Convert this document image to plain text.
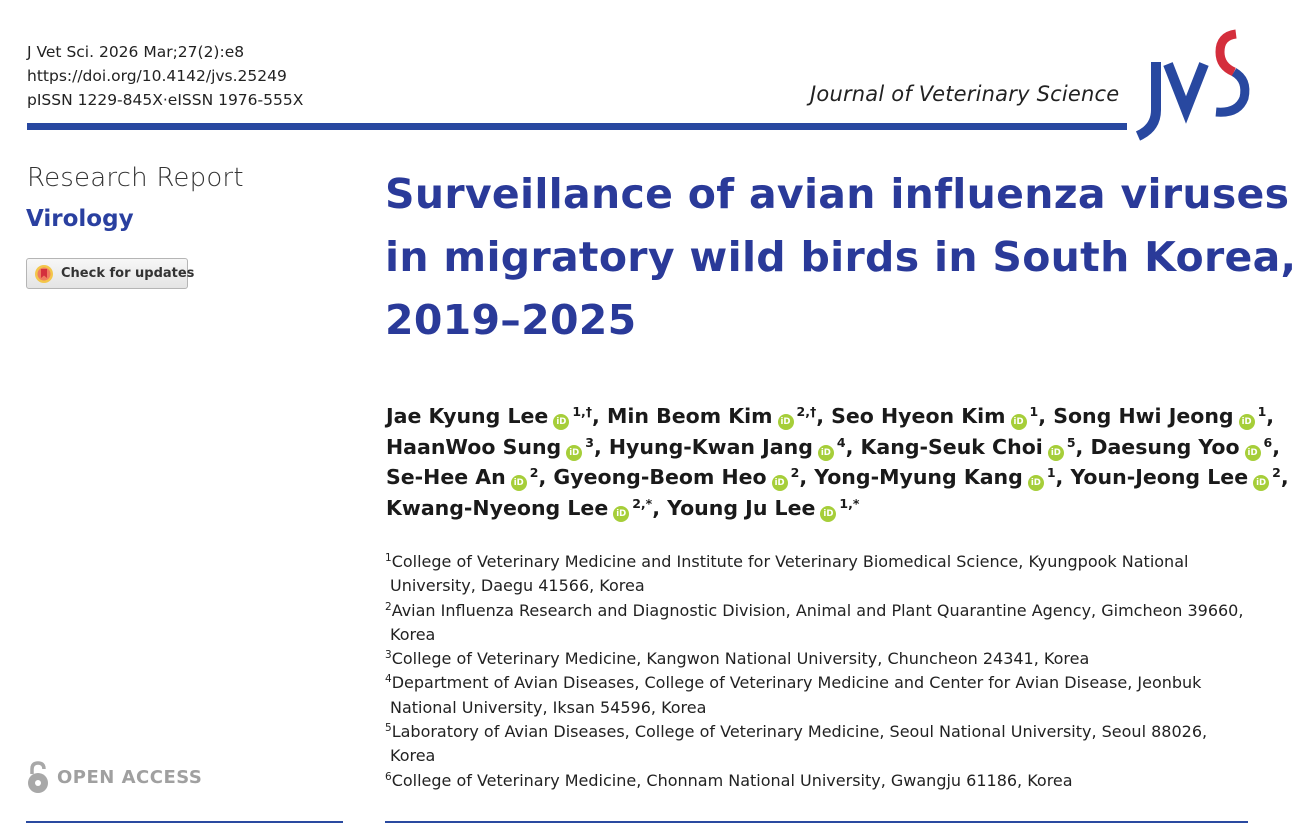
J Vet Sci. 2026 Mar;27(2):e8
https://doi.org/10.4142/jvs.25249
pISSN 1229-845X·eISSN 1976-555X	Journal of Veterinary Science
Research Report
Virology
Check for updates
Surveillance of avian influenza viruses
in migratory wild birds in South Korea,
2019–2025
Jae Kyung Lee $iD^{1,\dagger}$, Min Beom Kim $iD^{2,\dagger}$, Seo Hyeon Kim $iD^1$, Song Hwi Jeong $iD^1$,
HaanWoo Sung $iD^3$, Hyung-Kwan Jang $iD^4$, Kang-Seuk Choi $iD^5$, Daesung Yoo $iD^6$,
Se-Hee An $iD^2$, Gyeong-Beom Heo $iD^2$, Yong-Myung Kang $iD^1$, Youn-Jeong Lee $iD^2$,
Kwang-Nyeong Lee $iD^{2,*}$, Young Ju Lee $iD^{1,*}$
$^1$College of Veterinary Medicine and Institute for Veterinary Biomedical Science, Kyungpook National
University, Daegu 41566, Korea
$^2$Avian Influenza Research and Diagnostic Division, Animal and Plant Quarantine Agency, Gimcheon 39660,
Korea
$^3$College of Veterinary Medicine, Kangwon National University, Chuncheon 24341, Korea
$^4$Department of Avian Diseases, College of Veterinary Medicine and Center for Avian Disease, Jeonbuk
National University, Iksan 54596, Korea
$^5$Laboratory of Avian Diseases, College of Veterinary Medicine, Seoul National University, Seoul 88026,
Korea
$^6$College of Veterinary Medicine, Chonnam National University, Gwangju 61186, Korea
OPEN ACCESS
